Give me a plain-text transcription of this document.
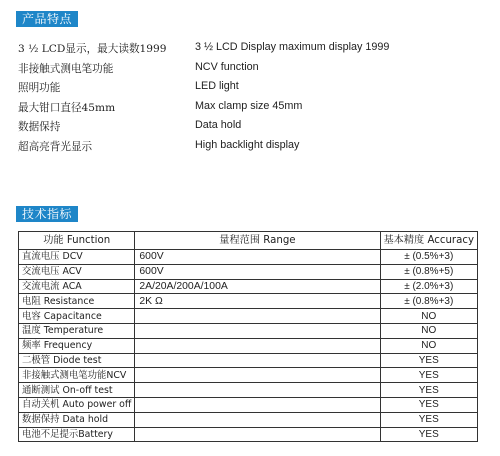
产品特点
3 ½ LCD显示，最大读数1999	3 ½ LCD Display maximum display 1999
非接触式测电笔功能	NCV function
照明功能	LED light
最大钳口直径45mm	Max clamp size 45mm
数据保持	Data hold
超高亮背光显示	High backlight display
技术指标
功能 Function	量程范围 Range	基本精度 Accuracy
直流电压 DCV	600V	± (0.5%+3)
交流电压 ACV	600V	± (0.8%+5)
交流电流 ACA	2A/20A/200A/100A	± (2.0%+3)
电阻 Resistance	2K Ω	± (0.8%+3)
电容 Capacitance		NO
温度 Temperature		NO
频率 Frequency		NO
二极管 Diode test		YES
非接触式测电笔功能NCV		YES
通断测试 On-off test		YES
自动关机 Auto power off		YES
数据保持 Data hold		YES
电池不足提示Battery		YES
